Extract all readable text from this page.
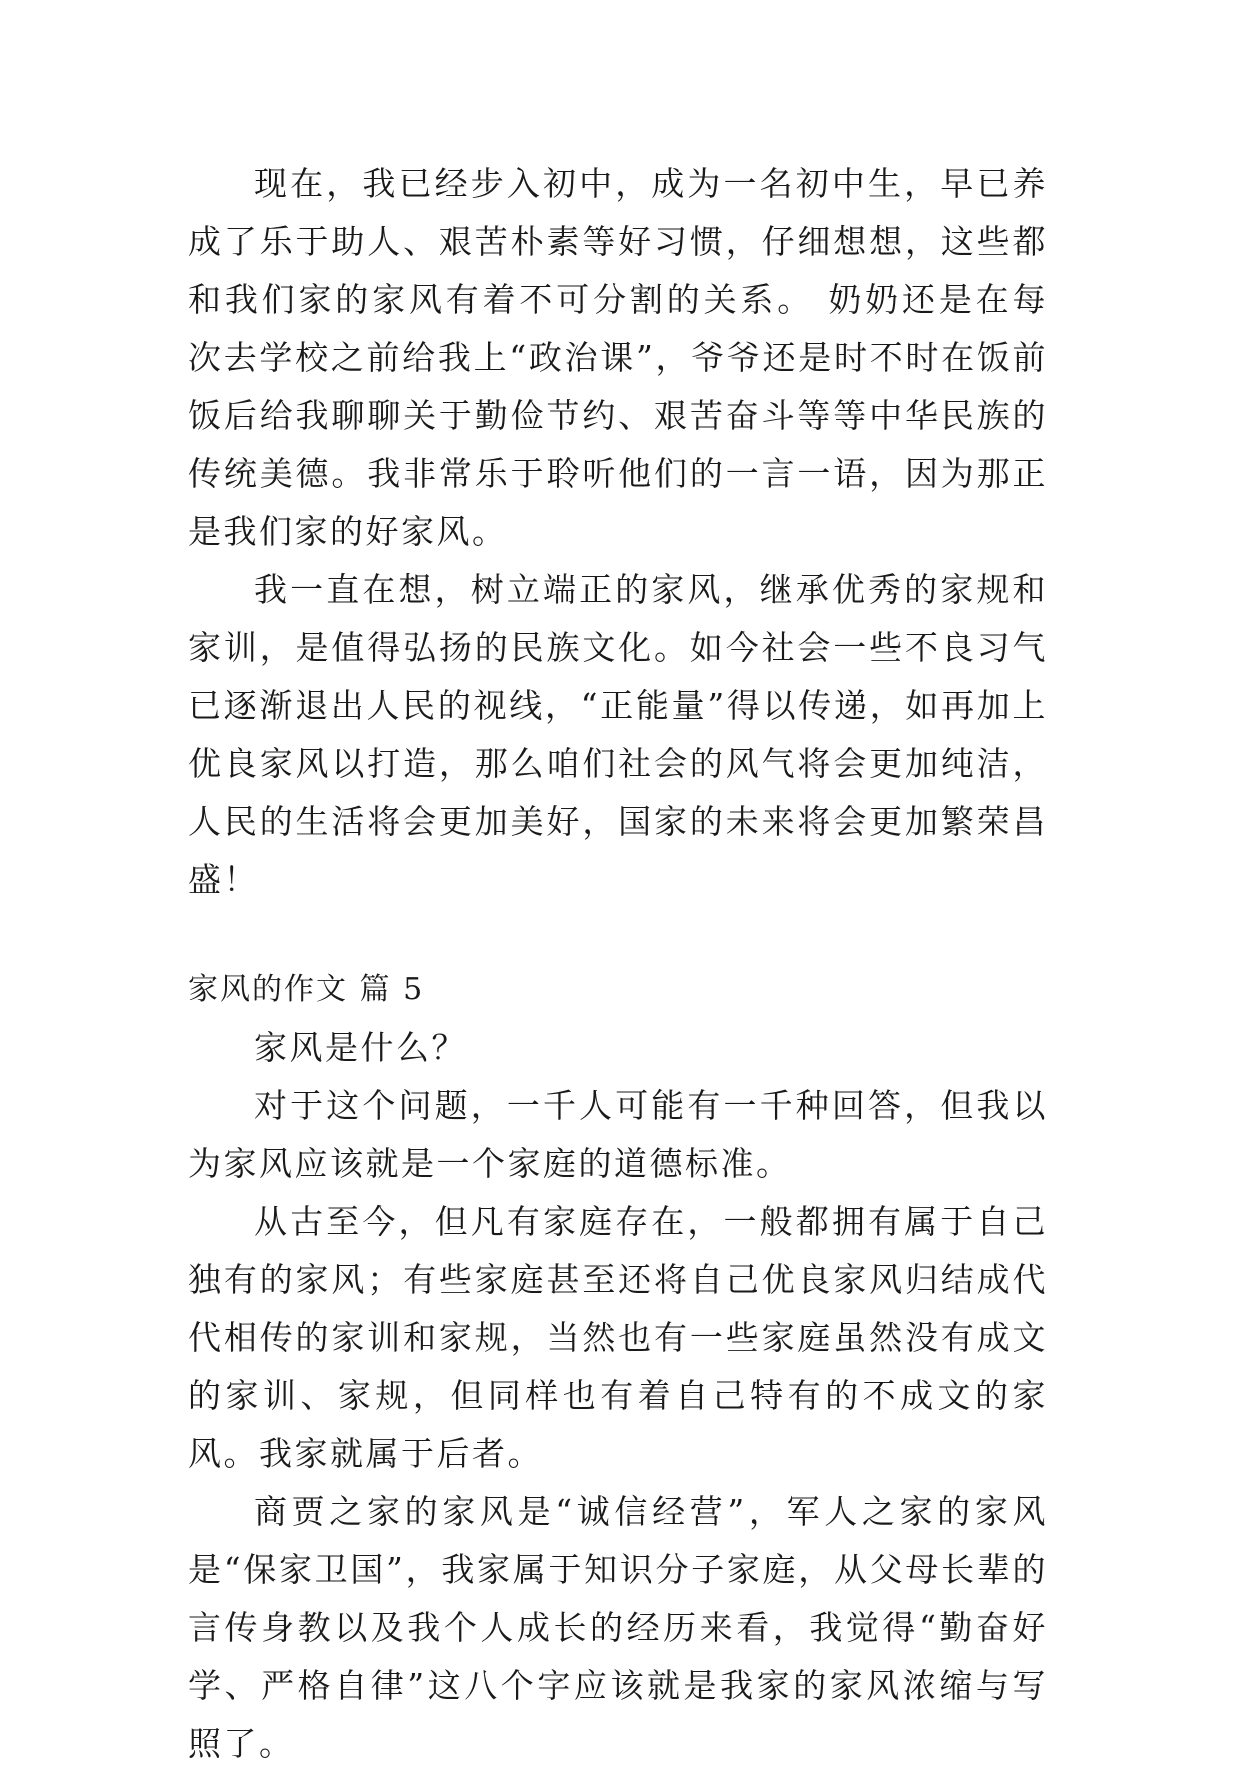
现在，我已经步入初中，成为一名初中生，早已养成了乐于助人、艰苦朴素等好习惯，仔细想想，这些都和我们家的家风有着不可分割的关系。 奶奶还是在每次去学校之前给我上“政治课”，爷爷还是时不时在饭前饭后给我聊聊关于勤俭节约、艰苦奋斗等等中华民族的传统美德。我非常乐于聆听他们的一言一语，因为那正是我们家的好家风。

我一直在想，树立端正的家风，继承优秀的家规和家训，是值得弘扬的民族文化。如今社会一些不良习气已逐渐退出人民的视线，“正能量”得以传递，如再加上优良家风以打造，那么咱们社会的风气将会更加纯洁，人民的生活将会更加美好，国家的未来将会更加繁荣昌盛！

家风的作文 篇 5

家风是什么？

对于这个问题，一千人可能有一千种回答，但我以为家风应该就是一个家庭的道德标准。

从古至今，但凡有家庭存在，一般都拥有属于自己独有的家风；有些家庭甚至还将自己优良家风归结成代代相传的家训和家规，当然也有一些家庭虽然没有成文的家训、家规，但同样也有着自己特有的不成文的家风。我家就属于后者。

商贾之家的家风是“诚信经营”，军人之家的家风是“保家卫国”，我家属于知识分子家庭，从父母长辈的言传身教以及我个人成长的经历来看，我觉得“勤奋好学、严格自律”这八个字应该就是我家的家风浓缩与写照了。
